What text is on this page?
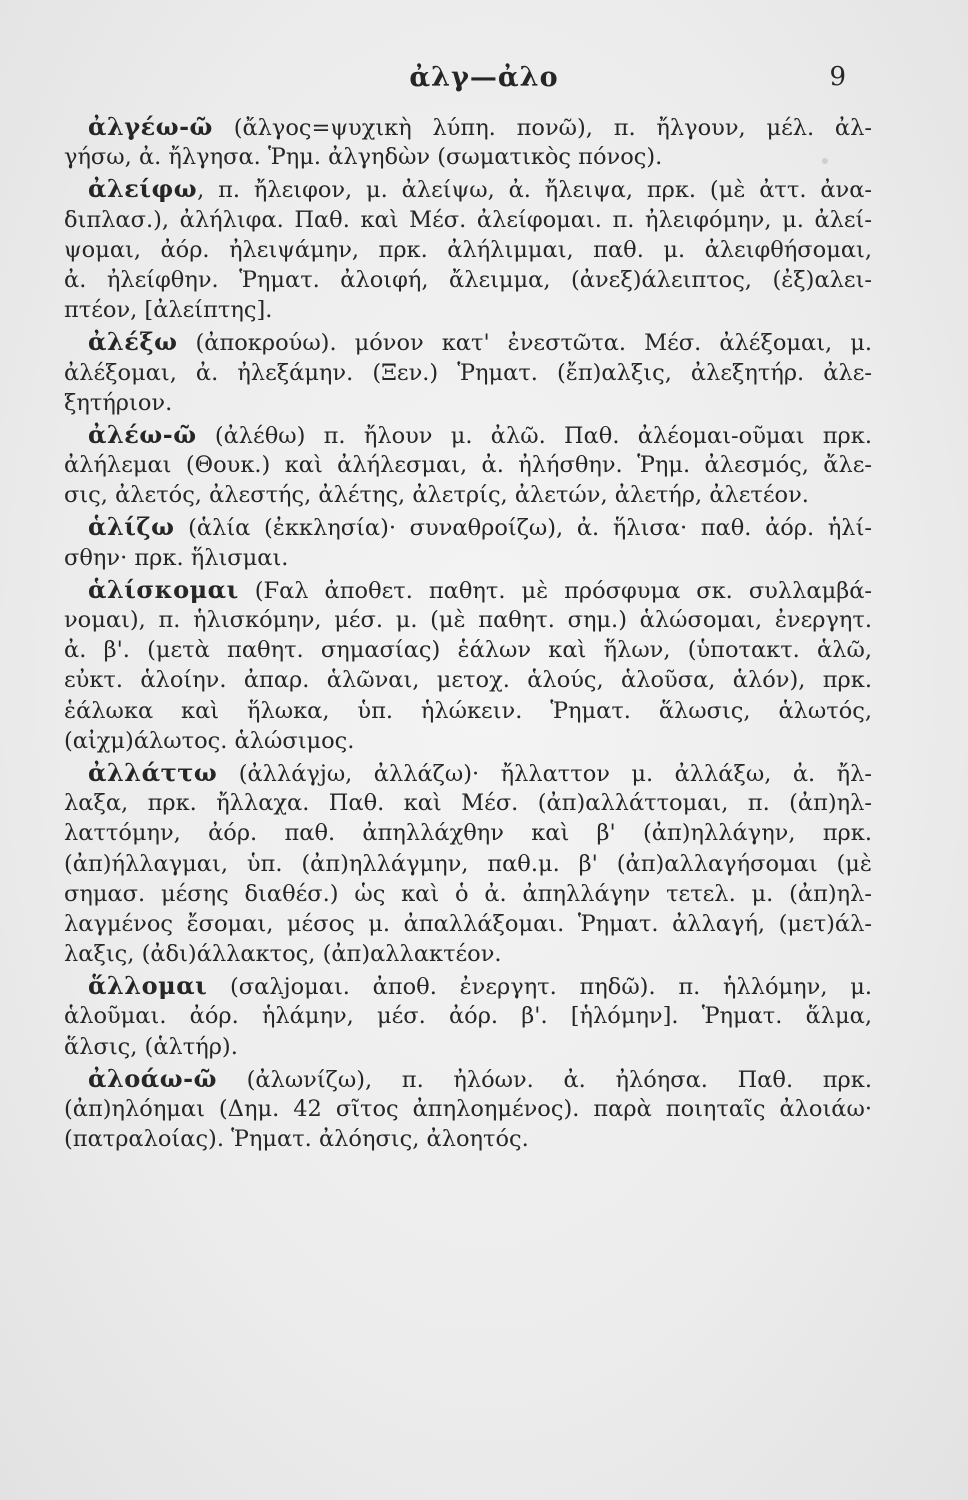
ἀλγ—ἀλο	9
ἀλγέω-ῶ (ἄλγος=ψυχικὴ λύπη. πονῶ), π. ἤλγουν, μέλ. ἀλ-
γήσω, ἀ. ἤλγησα. Ῥημ. ἀλγηδὼν (σωματικὸς πόνος).
ἀλείφω, π. ἤλειφον, μ. ἀλείψω, ἀ. ἤλειψα, πρκ. (μὲ ἀττ. ἀνα-
διπλασ.), ἀλήλιφα. Παθ. καὶ Μέσ. ἀλείφομαι. π. ἠλειφόμην, μ. ἀλεί-
ψομαι, ἀόρ. ἠλειψάμην, πρκ. ἀλήλιμμαι, παθ. μ. ἀλειφθήσομαι,
ἀ. ἠλείφθην. Ῥηματ. ἀλοιφή, ἄλειμμα, (ἀνεξ)άλειπτος, (ἐξ)αλει-
πτέον, [ἀλείπτης].
ἀλέξω (ἀποκρούω). μόνον κατ' ἐνεστῶτα. Μέσ. ἀλέξομαι, μ.
ἀλέξομαι, ἀ. ἠλεξάμην. (Ξεν.) Ῥηματ. (ἔπ)αλξις, ἀλεξητήρ. ἀλε-
ξητήριον.
ἀλέω-ῶ (ἀλέθω) π. ἤλουν μ. ἀλῶ. Παθ. ἀλέομαι-οῦμαι πρκ.
ἀλήλεμαι (Θουκ.) καὶ ἀλήλεσμαι, ἀ. ἠλήσθην. Ῥημ. ἀλεσμός, ἄλε-
σις, ἀλετός, ἀλεστής, ἀλέτης, ἀλετρίς, ἀλετών, ἀλετήρ, ἀλετέον.
ἁλίζω (ἁλία (ἐκκλησία)· συναθροίζω), ἀ. ἥλισα· παθ. ἀόρ. ἡλί-
σθην· πρκ. ἥλισμαι.
ἁλίσκομαι (Ϝαλ ἀποθετ. παθητ. μὲ πρόσφυμα σκ. συλλαμβά-
νομαι), π. ἡλισκόμην, μέσ. μ. (μὲ παθητ. σημ.) ἁλώσομαι, ἐνεργητ.
ἀ. β'. (μετὰ παθητ. σημασίας) ἑάλων καὶ ἥλων, (ὑποτακτ. ἁλῶ,
εὐκτ. ἁλοίην. ἀπαρ. ἁλῶναι, μετοχ. ἁλούς, ἁλοῦσα, ἁλόν), πρκ.
ἑάλωκα καὶ ἥλωκα, ὑπ. ἡλώκειν. Ῥηματ. ἅλωσις, ἁλωτός,
(αἰχμ)άλωτος. ἁλώσιμος.
ἀλλάττω (ἀλλάγjω, ἀλλάζω)· ἤλλαττον μ. ἀλλάξω, ἀ. ἤλ-
λαξα, πρκ. ἤλλαχα. Παθ. καὶ Μέσ. (ἀπ)αλλάττομαι, π. (ἀπ)ηλ-
λαττόμην, ἀόρ. παθ. ἀπηλλάχθην καὶ β' (ἀπ)ηλλάγην, πρκ.
(ἀπ)ήλλαγμαι, ὑπ. (ἀπ)ηλλάγμην, παθ.μ. β' (ἀπ)αλλαγήσομαι (μὲ
σημασ. μέσης διαθέσ.) ὡς καὶ ὁ ἀ. ἀπηλλάγην τετελ. μ. (ἀπ)ηλ-
λαγμένος ἔσομαι, μέσος μ. ἀπαλλάξομαι. Ῥηματ. ἀλλαγή, (μετ)άλ-
λαξις, (ἀδι)άλλακτος, (ἀπ)αλλακτέον.
ἅλλομαι (σαλjομαι. ἀποθ. ἐνεργητ. πηδῶ). π. ἡλλόμην, μ.
ἁλοῦμαι. ἀόρ. ἡλάμην, μέσ. ἀόρ. β'. [ἡλόμην]. Ῥηματ. ἅλμα,
ἅλσις, (ἁλτήρ).
ἀλοάω-ῶ (ἀλωνίζω), π. ἠλόων. ἀ. ἠλόησα. Παθ. πρκ.
(ἀπ)ηλόημαι (Δημ. 42 σῖτος ἀπηλοημένος). παρὰ ποιηταῖς ἀλοιάω·
(πατραλοίας). Ῥηματ. ἀλόησις, ἀλοητός.
